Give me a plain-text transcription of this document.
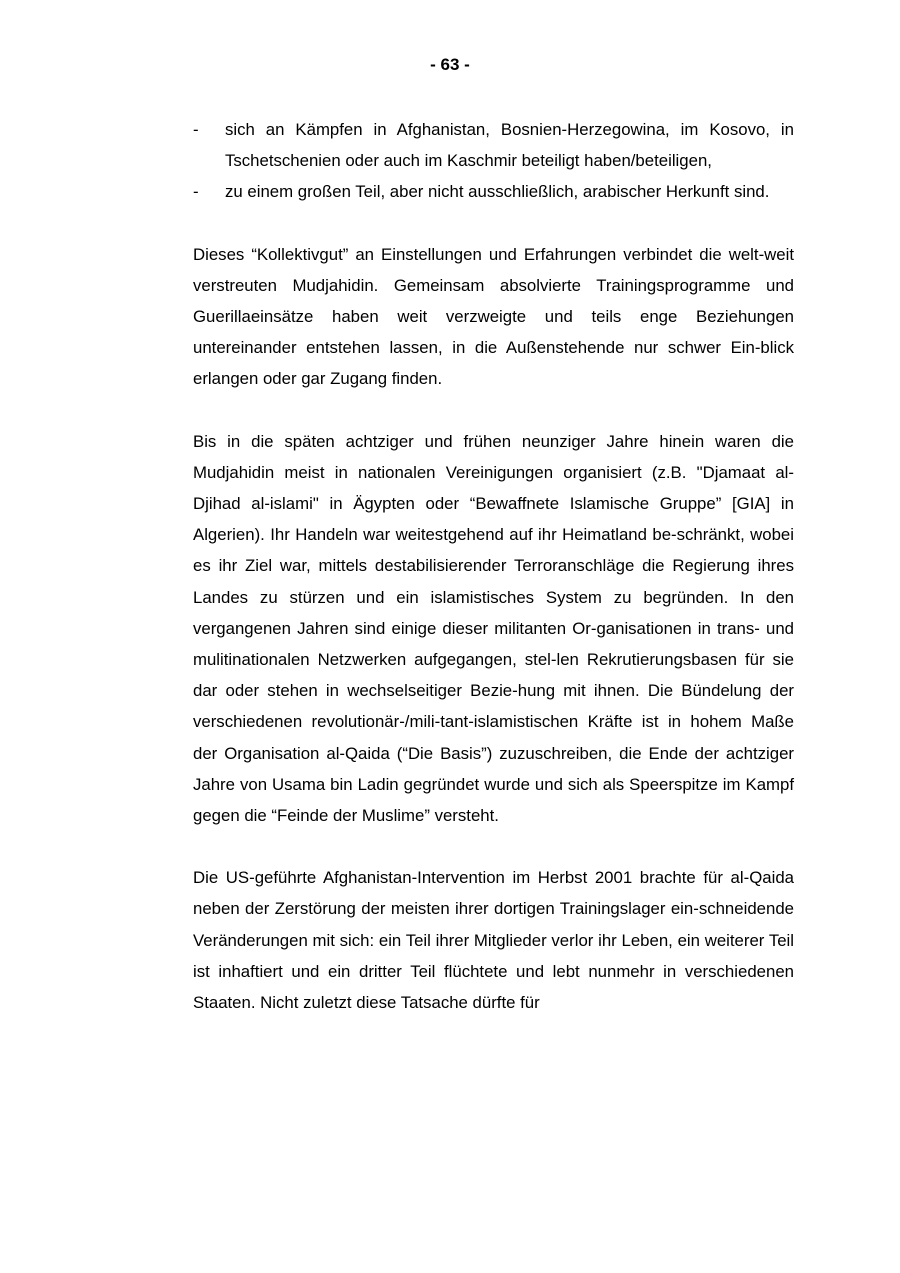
- 63 -
- sich an Kämpfen in Afghanistan, Bosnien-Herzegowina, im Kosovo, in Tschetschenien oder auch im Kaschmir beteiligt haben/beteiligen,
- zu einem großen Teil, aber nicht ausschließlich, arabischer Herkunft sind.

Dieses “Kollektivgut” an Einstellungen und Erfahrungen verbindet die welt-weit verstreuten Mudjahidin. Gemeinsam absolvierte Trainingsprogramme und Guerillaeinsätze haben weit verzweigte und teils enge Beziehungen untereinander entstehen lassen, in die Außenstehende nur schwer Ein-blick erlangen oder gar Zugang finden.

Bis in die späten achtziger und frühen neunziger Jahre hinein waren die Mudjahidin meist in nationalen Vereinigungen organisiert (z.B. "Djamaat al-Djihad al-islami" in Ägypten oder “Bewaffnete Islamische Gruppe” [GIA] in Algerien). Ihr Handeln war weitestgehend auf ihr Heimatland be-schränkt, wobei es ihr Ziel war, mittels destabilisierender Terroranschläge die Regierung ihres Landes zu stürzen und ein islamistisches System zu begründen. In den vergangenen Jahren sind einige dieser militanten Or-ganisationen in trans- und mulitinationalen Netzwerken aufgegangen, stel-len Rekrutierungsbasen für sie dar oder stehen in wechselseitiger Bezie-hung mit ihnen. Die Bündelung der verschiedenen revolutionär-/mili-tant-islamistischen Kräfte ist in hohem Maße der Organisation al-Qaida (“Die Basis”) zuzuschreiben, die Ende der achtziger Jahre von Usama bin Ladin gegründet wurde und sich als Speerspitze im Kampf gegen die “Feinde der Muslime” versteht.

Die US-geführte Afghanistan-Intervention im Herbst 2001 brachte für al-Qaida neben der Zerstörung der meisten ihrer dortigen Trainingslager ein-schneidende Veränderungen mit sich: ein Teil ihrer Mitglieder verlor ihr Leben, ein weiterer Teil ist inhaftiert und ein dritter Teil flüchtete und lebt nunmehr in verschiedenen Staaten. Nicht zuletzt diese Tatsache dürfte für
